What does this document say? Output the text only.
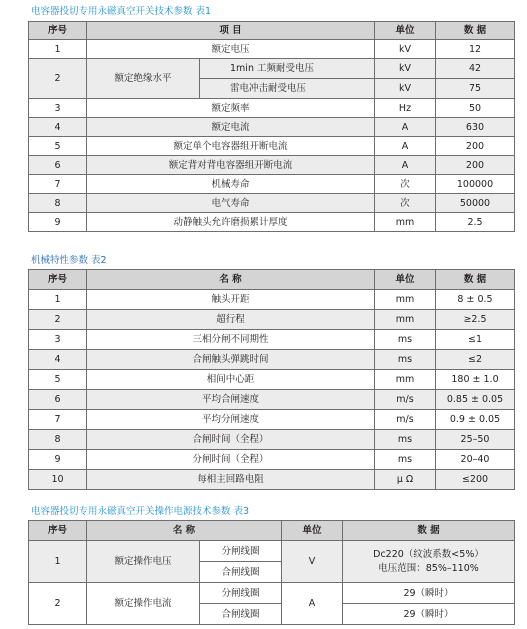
电容器投切专用永磁真空开关技术参数 表1
序号	项 目		单位	数 据
1	额定电压		kV	12
2	额定绝缘水平	1min 工频耐受电压	kV	42
		雷电冲击耐受电压	kV	75
3	额定频率		Hz	50
4	额定电流		A	630
5	额定单个电容器组开断电流		A	200
6	额定背对背电容器组开断电流		A	200
7	机械寿命		次	100000
8	电气寿命		次	50000
9	动静触头允许磨损累计厚度		mm	2.5
机械特性参数 表2
序号	名 称	单位	数 据
1	触头开距	mm	8 ± 0.5
2	超行程	mm	≥2.5
3	三相分闸不同期性	ms	≤1
4	合闸触头弹跳时间	ms	≤2
5	相间中心距	mm	180 ± 1.0
6	平均合闸速度	m/s	0.85 ± 0.05
7	平均分闸速度	m/s	0.9 ± 0.05
8	合闸时间（全程）	ms	25–50
9	分闸时间（全程）	ms	20–40
10	每相主回路电阻	μ Ω	≤200
电容器投切专用永磁真空开关操作电源技术参数 表3
序号	名 称		单位	数 据
1	额定操作电压	分闸线圈	V	Dc220（纹波系数<5%）
电压范围：85%–110%

		合闸线圈		
2	额定操作电流	分闸线圈	A	29（瞬时）
		合闸线圈		29（瞬时）
